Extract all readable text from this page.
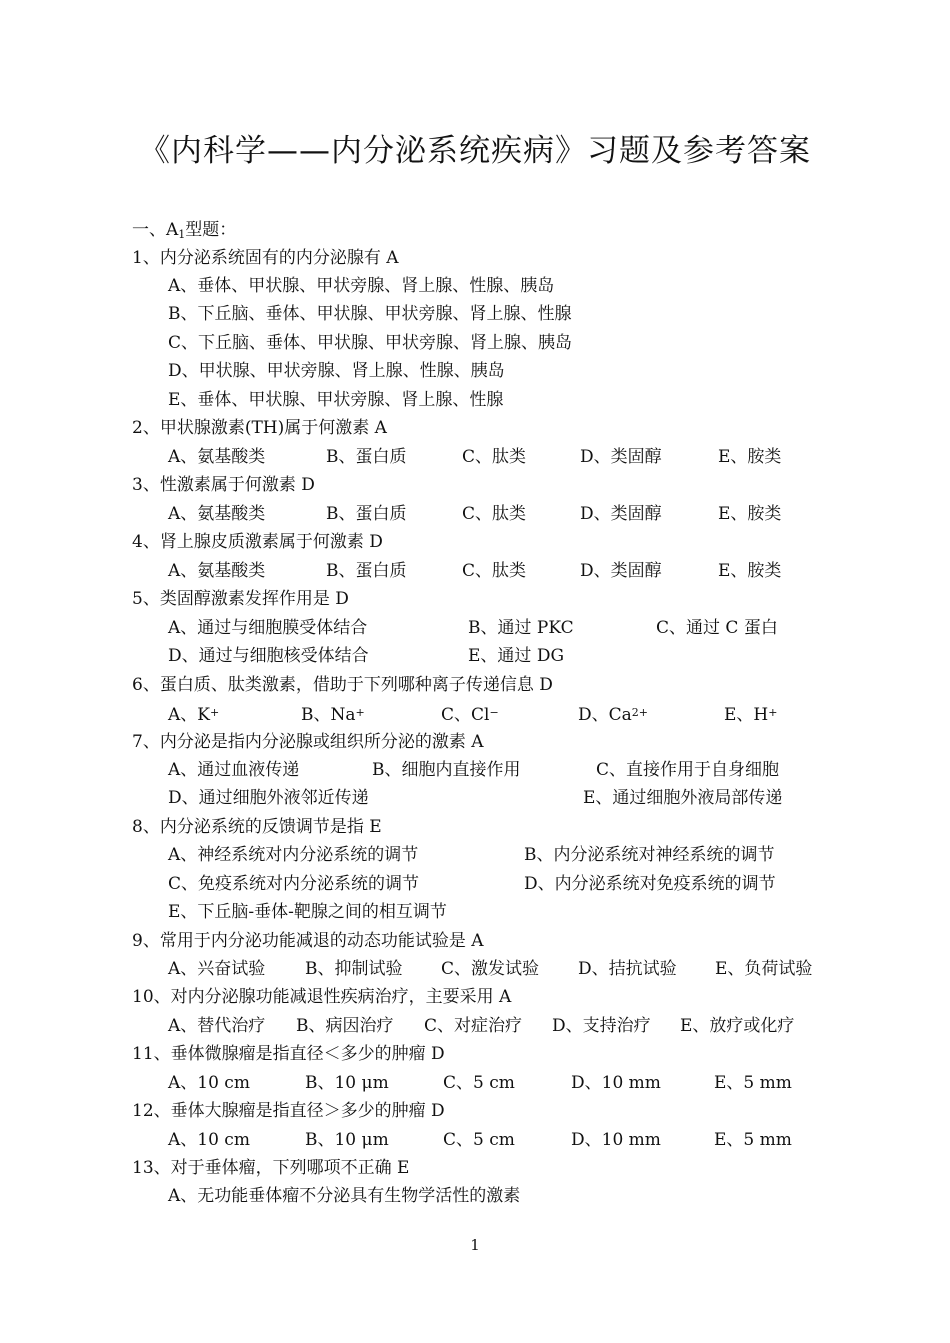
《内科学——内分泌系统疾病》习题及参考答案
一、$A_1$型题：
1、内分泌系统固有的内分泌腺有 A
A、垂体、甲状腺、甲状旁腺、肾上腺、性腺、胰岛
B、下丘脑、垂体、甲状腺、甲状旁腺、肾上腺、性腺
C、下丘脑、垂体、甲状腺、甲状旁腺、肾上腺、胰岛
D、甲状腺、甲状旁腺、肾上腺、性腺、胰岛
E、垂体、甲状腺、甲状旁腺、肾上腺、性腺
2、甲状腺激素(TH)属于何激素 A
A、氨基酸类	B、蛋白质	C、肽类	D、类固醇	E、胺类
3、性激素属于何激素 D
A、氨基酸类	B、蛋白质	C、肽类	D、类固醇	E、胺类
4、肾上腺皮质激素属于何激素 D
A、氨基酸类	B、蛋白质	C、肽类	D、类固醇	E、胺类
5、类固醇激素发挥作用是 D
A、通过与细胞膜受体结合	B、通过 PKC	C、通过 C 蛋白
D、通过与细胞核受体结合	E、通过 DG
6、蛋白质、肽类激素，借助于下列哪种离子传递信息 D
A、K+	B、Na+	C、Cl−	D、$Ca^{2+}$	E、H+
7、内分泌是指内分泌腺或组织所分泌的激素 A
A、通过血液传递	B、细胞内直接作用	C、直接作用于自身细胞
D、通过细胞外液邻近传递	E、通过细胞外液局部传递
8、内分泌系统的反馈调节是指 E
A、神经系统对内分泌系统的调节	B、内分泌系统对神经系统的调节
C、免疫系统对内分泌系统的调节	D、内分泌系统对免疫系统的调节
E、下丘脑-垂体-靶腺之间的相互调节
9、常用于内分泌功能减退的动态功能试验是 A
A、兴奋试验 B、抑制试验 C、激发试验 D、拮抗试验 E、负荷试验
10、对内分泌腺功能减退性疾病治疗，主要采用 A
A、替代治疗 B、病因治疗 C、对症治疗 D、支持治疗 E、放疗或化疗
11、垂体微腺瘤是指直径＜多少的肿瘤 D
A、10 cm	B、10 μm	C、5 cm	D、10 mm	E、5 mm
12、垂体大腺瘤是指直径＞多少的肿瘤 D
A、10 cm	B、10 μm	C、5 cm	D、10 mm	E、5 mm
13、对于垂体瘤，下列哪项不正确 E
A、无功能垂体瘤不分泌具有生物学活性的激素
1
